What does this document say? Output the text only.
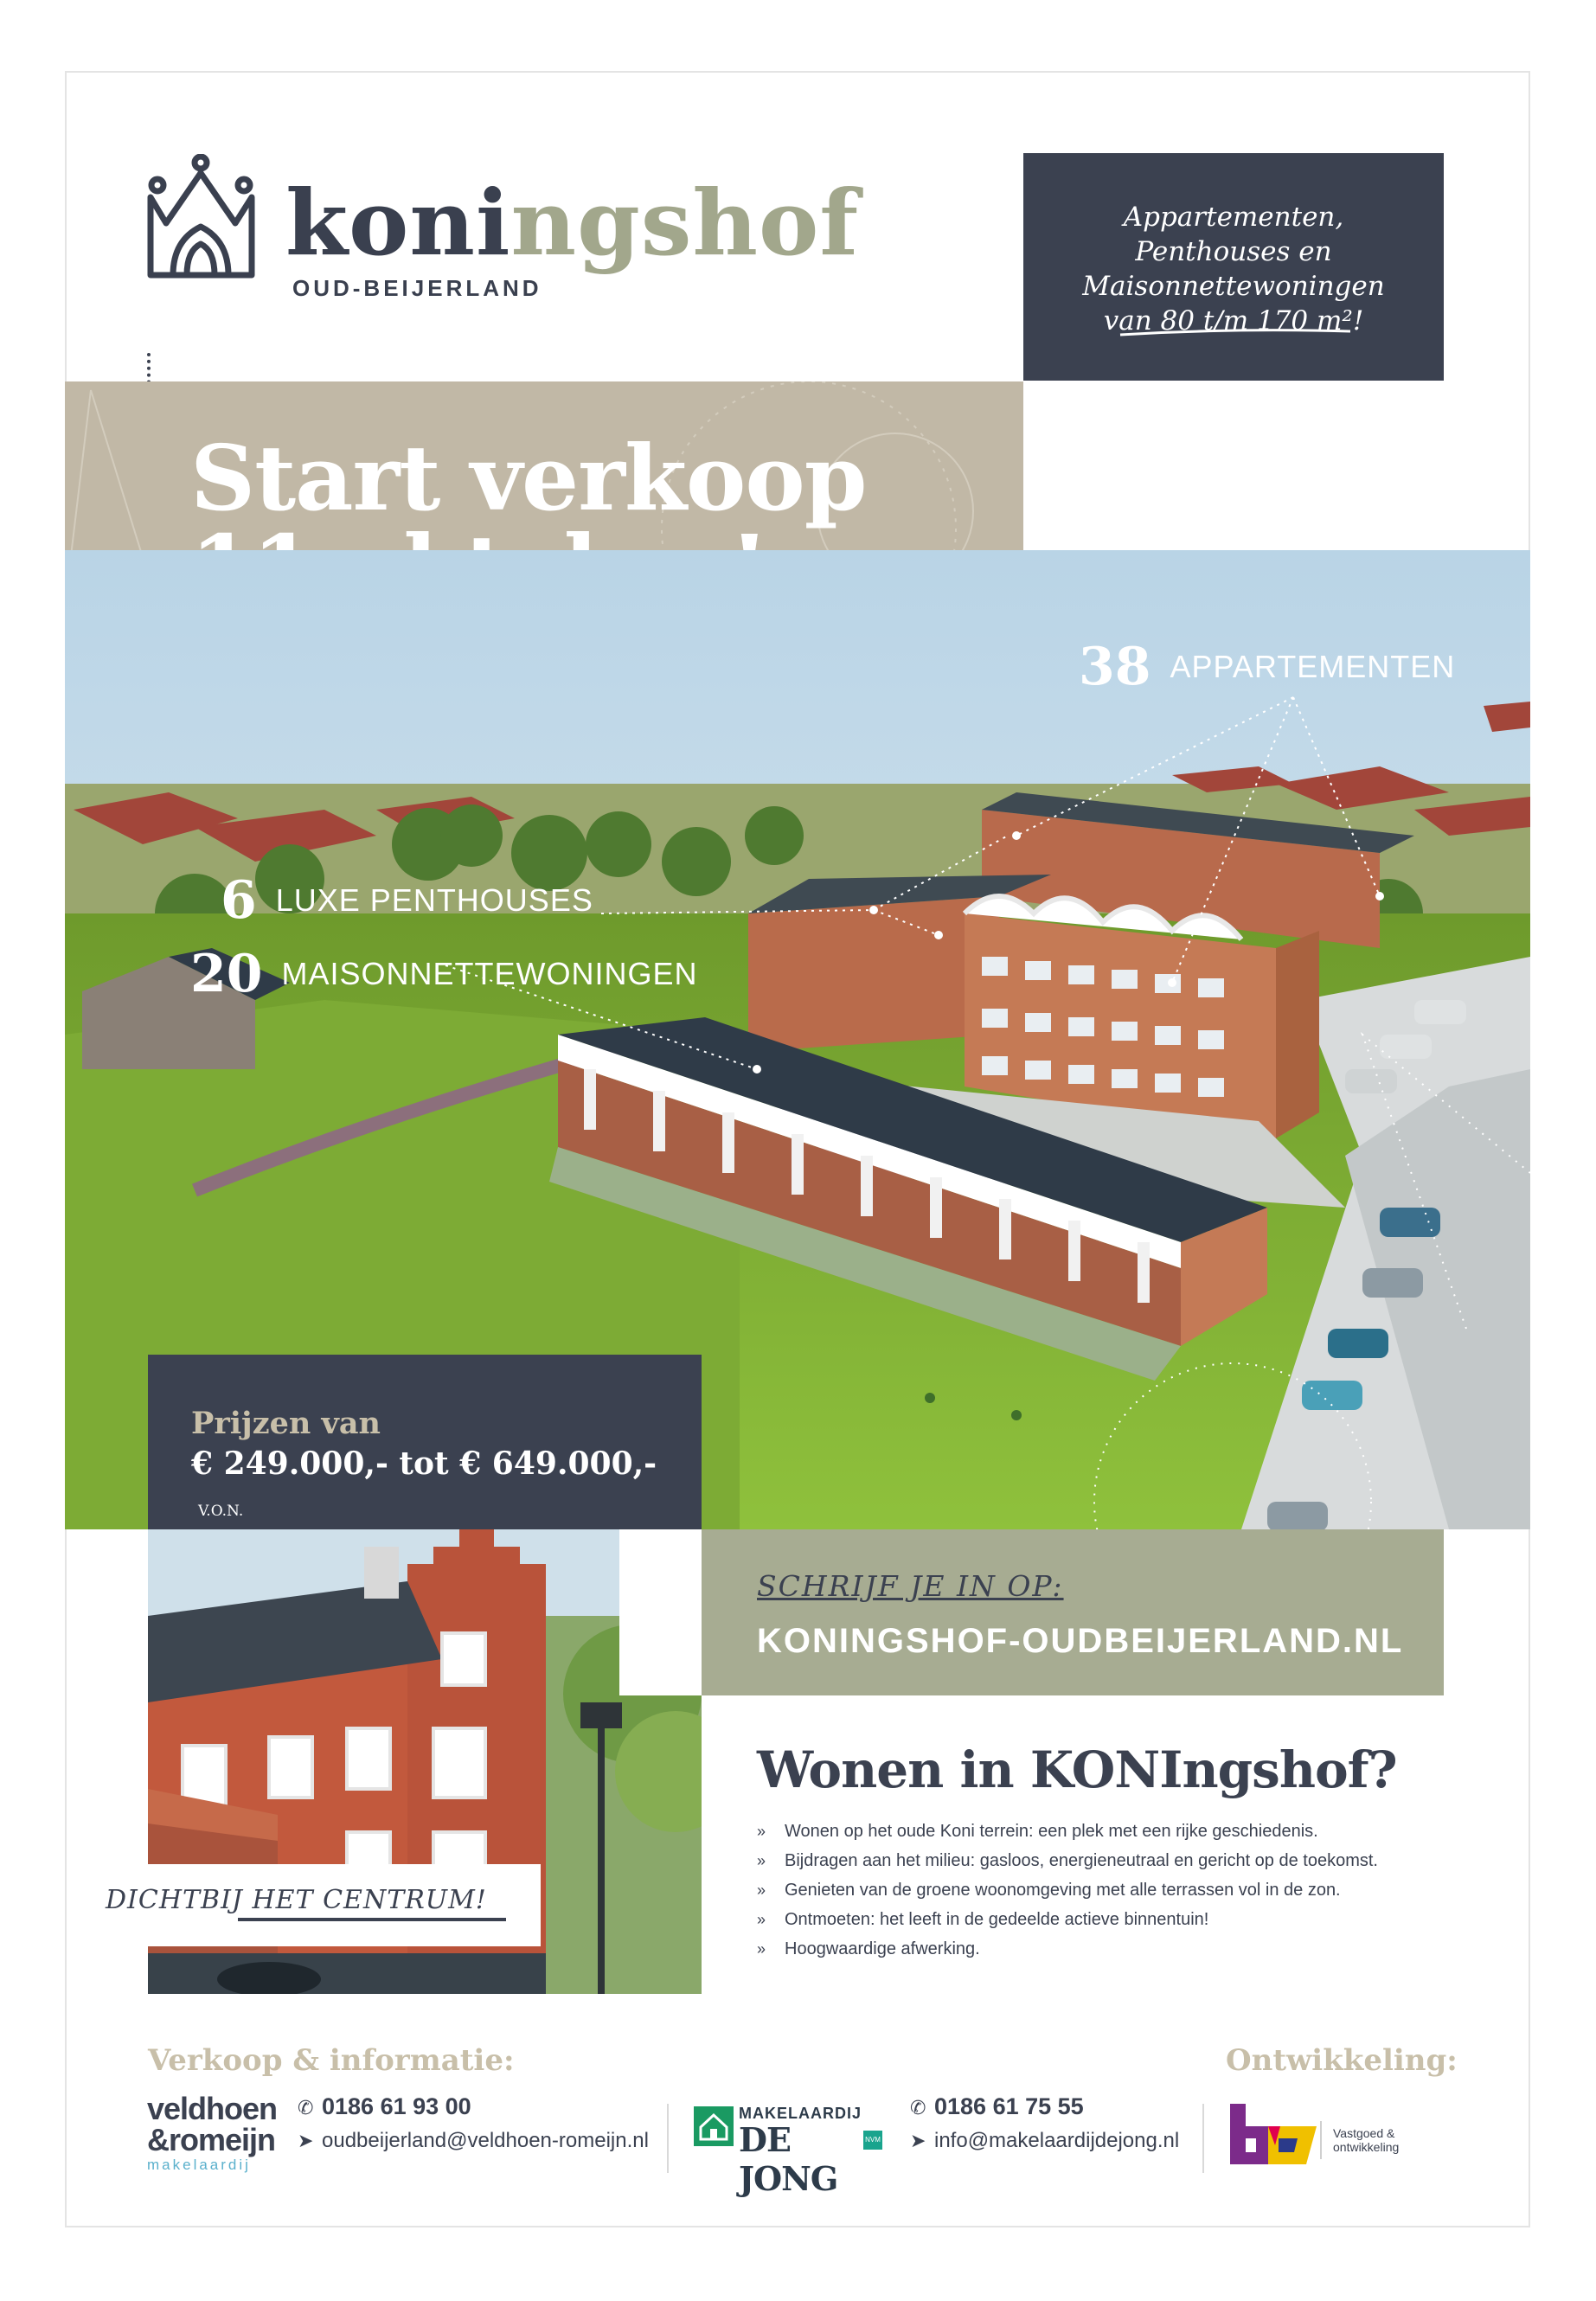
koningshof
OUD-BEIJERLAND
Appartementen,
Penthouses en
Maisonnettewoningen
van 80 t/m 170 m²!
Start verkoop
38 APPARTEMENTEN
6 LUXE PENTHOUSES
20 MAISONNETTEWONINGEN
Prijzen van
€ 249.000,- tot € 649.000,-V.O.N.
DICHTBIJ HET CENTRUM!
SCHRIJF JE IN OP:
KONINGSHOF-OUDBEIJERLAND.NL
Wonen in KONIngshof?
» Wonen op het oude Koni terrein: een plek met een rijke geschiedenis.
» Bijdragen aan het milieu: gasloos, energieneutraal en gericht op de toekomst.
» Genieten van de groene woonomgeving met alle terrassen vol in de zon.
» Ontmoeten: het leeft in de gedeelde actieve binnentuin!
» Hoogwaardige afwerking.
Verkoop & informatie:	Ontwikkeling:
veldhoen
&romeijn
makelaardij
✆ 0186 61 93 00
➤ oudbeijerland@veldhoen-romeijn.nl
MAKELAARDIJ
DE JONG
NVM
✆ 0186 61 75 55
➤ info@makelaardijdejong.nl	Vastgoed &
ontwikkeling
